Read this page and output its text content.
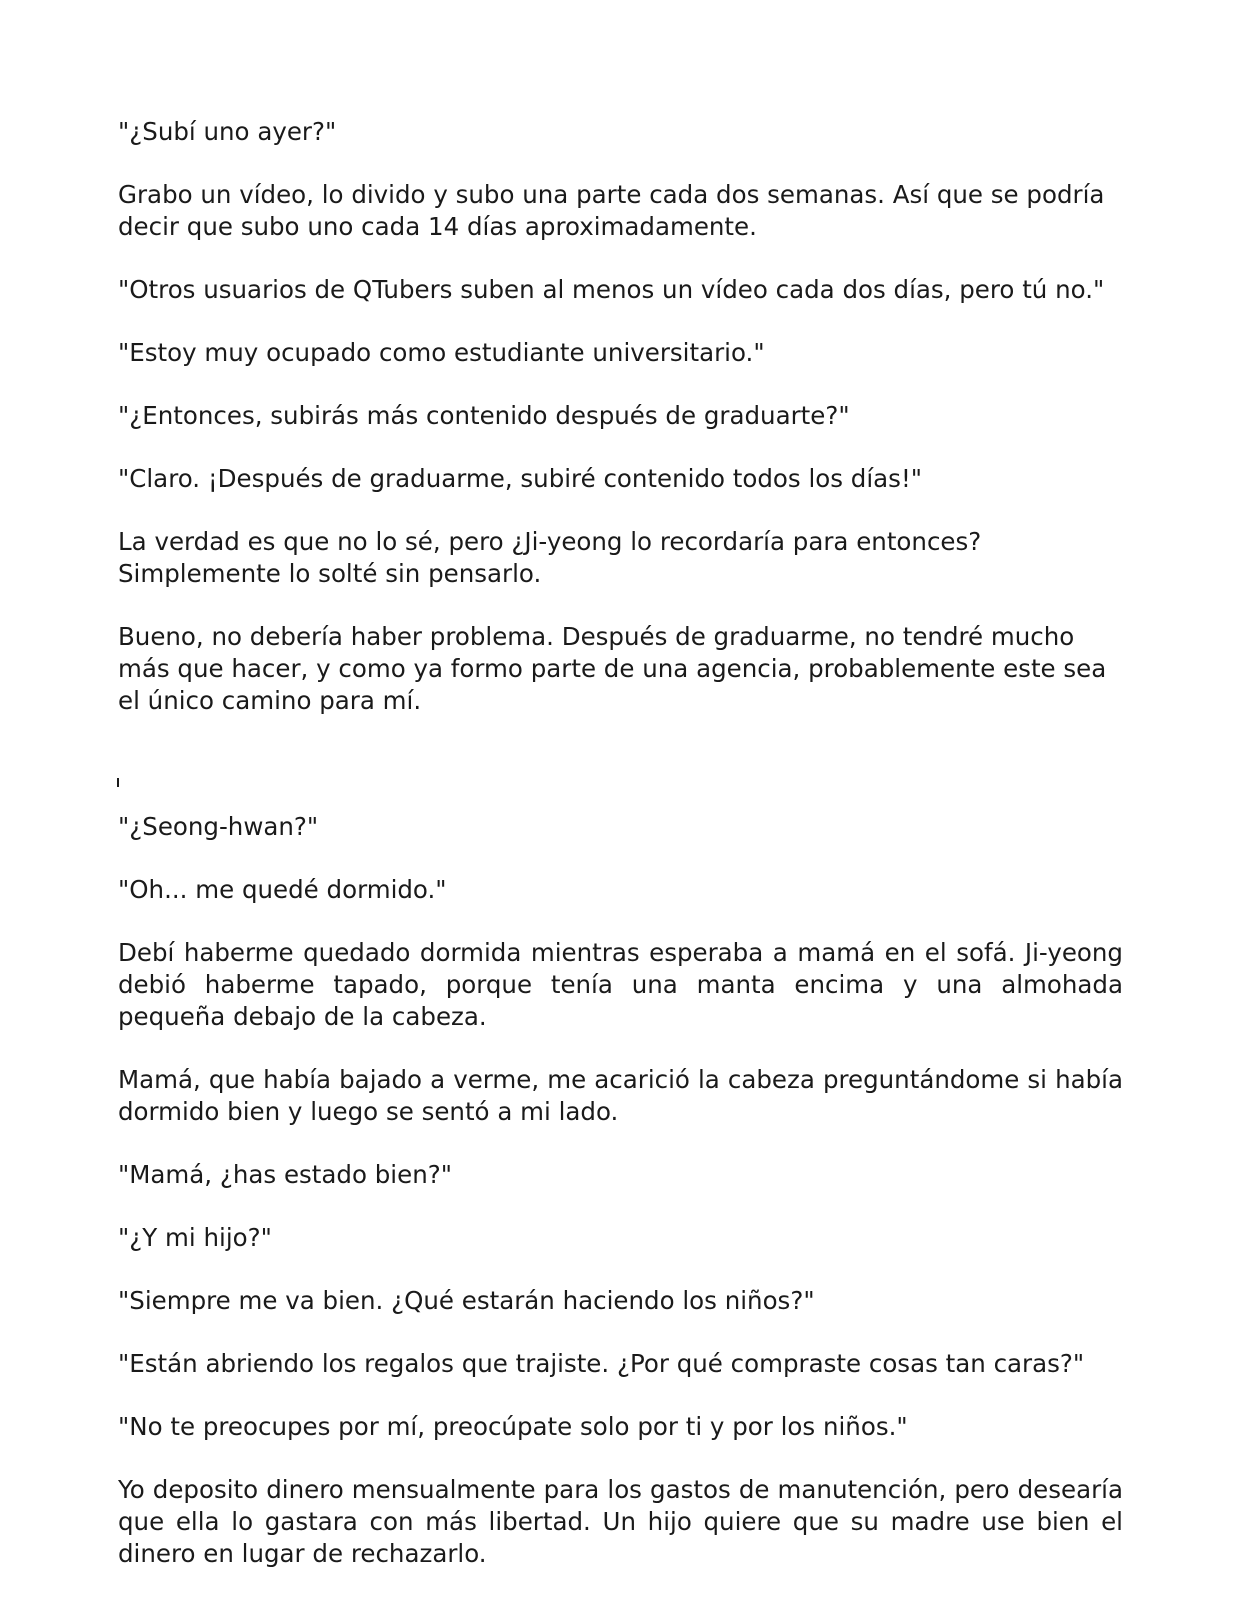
"¿Subí uno ayer?"

Grabo un vídeo, lo divido y subo una parte cada dos semanas. Así que se podría decir que subo uno cada 14 días aproximadamente.

"Otros usuarios de QTubers suben al menos un vídeo cada dos días, pero tú no."

"Estoy muy ocupado como estudiante universitario."

"¿Entonces, subirás más contenido después de graduarte?"

"Claro. ¡Después de graduarme, subiré contenido todos los días!"

La verdad es que no lo sé, pero ¿Ji-yeong lo recordaría para entonces? Simplemente lo solté sin pensarlo.

Bueno, no debería haber problema. Después de graduarme, no tendré mucho más que hacer, y como ya formo parte de una agencia, probablemente este sea el único camino para mí.

"¿Seong-hwan?"

"Oh... me quedé dormido."

Debí haberme quedado dormida mientras esperaba a mamá en el sofá. Ji-yeong debió haberme tapado, porque tenía una manta encima y una almohada pequeña debajo de la cabeza.

Mamá, que había bajado a verme, me acarició la cabeza preguntándome si había dormido bien y luego se sentó a mi lado.

"Mamá, ¿has estado bien?"

"¿Y mi hijo?"

"Siempre me va bien. ¿Qué estarán haciendo los niños?"

"Están abriendo los regalos que trajiste. ¿Por qué compraste cosas tan caras?"

"No te preocupes por mí, preocúpate solo por ti y por los niños."

Yo deposito dinero mensualmente para los gastos de manutención, pero desearía que ella lo gastara con más libertad. Un hijo quiere que su madre use bien el dinero en lugar de rechazarlo.
